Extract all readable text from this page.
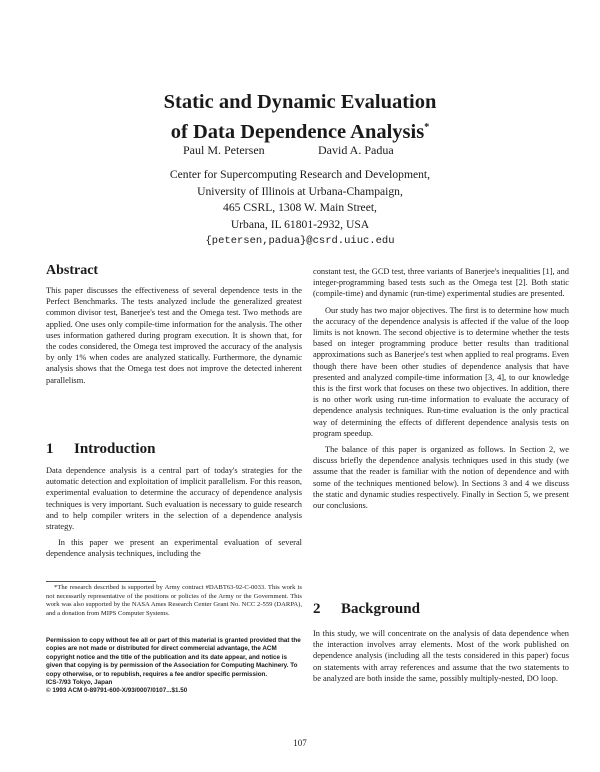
Static and Dynamic Evaluation
of Data Dependence Analysis*
Paul M. Petersen	David A. Padua
Center for Supercomputing Research and Development,
University of Illinois at Urbana-Champaign,
465 CSRL, 1308 W. Main Street,
Urbana, IL 61801-2932, USA
{petersen,padua}@csrd.uiuc.edu
Abstract

This paper discusses the effectiveness of several dependence tests in the Perfect Benchmarks. The tests analyzed include the generalized greatest common divisor test, Banerjee's test and the Omega test. Two methods are applied. One uses only compile-time information for the analysis. The other uses information gathered during program execution. It is shown that, for the codes considered, the Omega test improved the accuracy of the analysis by only 1% when codes are analyzed statically. Furthermore, the dynamic analysis shows that the Omega test does not improve the detected inherent parallelism.

1 Introduction

Data dependence analysis is a central part of today's strategies for the automatic detection and exploitation of implicit parallelism. For this reason, experimental evaluation to determine the accuracy of dependence analysis techniques is very important. Such evaluation is necessary to guide research and to help compiler writers in the selection of a dependence analysis strategy.

In this paper we present an experimental evaluation of several dependence analysis techniques, including the

*The research described is supported by Army contract #DABT63-92-C-0033. This work is not necessarily representative of the positions or policies of the Army or the Government. This work was also supported by the NASA Ames Research Center Grant No. NCC 2-559 (DARPA), and a donation from MIPS Computer Systems.

Permission to copy without fee all or part of this material is granted provided that the copies are not made or distributed for direct commercial advantage, the ACM copyright notice and the title of the publication and its date appear, and notice is given that copying is by permission of the Association for Computing Machinery. To copy otherwise, or to republish, requires a fee and/or specific permission.

ICS-7/93 Tokyo, Japan

© 1993 ACM 0-89791-600-X/93/0007/0107...$1.50

constant test, the GCD test, three variants of Banerjee's inequalities [1], and integer-programming based tests such as the Omega test [2]. Both static (compile-time) and dynamic (run-time) experimental studies are presented.

Our study has two major objectives. The first is to determine how much the accuracy of the dependence analysis is affected if the value of the loop limits is not known. The second objective is to determine whether the tests based on integer programming produce better results than traditional approximations such as Banerjee's test when applied to real programs. Even though there have been other studies of dependence analysis that have presented and analyzed compile-time information [3, 4], to our knowledge this is the first work that focuses on these two objectives. In addition, there is no other work using run-time information to evaluate the accuracy of dependence analysis techniques. Run-time evaluation is the only practical way of determining the effects of different dependence analysis tests on program speedup.

The balance of this paper is organized as follows. In Section 2, we discuss briefly the dependence analysis techniques used in this study (we assume that the reader is familiar with the notion of dependence and with some of the techniques mentioned below). In Sections 3 and 4 we discuss the static and dynamic studies respectively. Finally in Section 5, we present our conclusions.

2 Background

In this study, we will concentrate on the analysis of data dependence when the interaction involves array elements. Most of the work published on dependence analysis (including all the tests considered in this paper) focus on statements with array references and assume that the two statements to be analyzed are both inside the same, possibly multiply-nested, DO loop.

107
